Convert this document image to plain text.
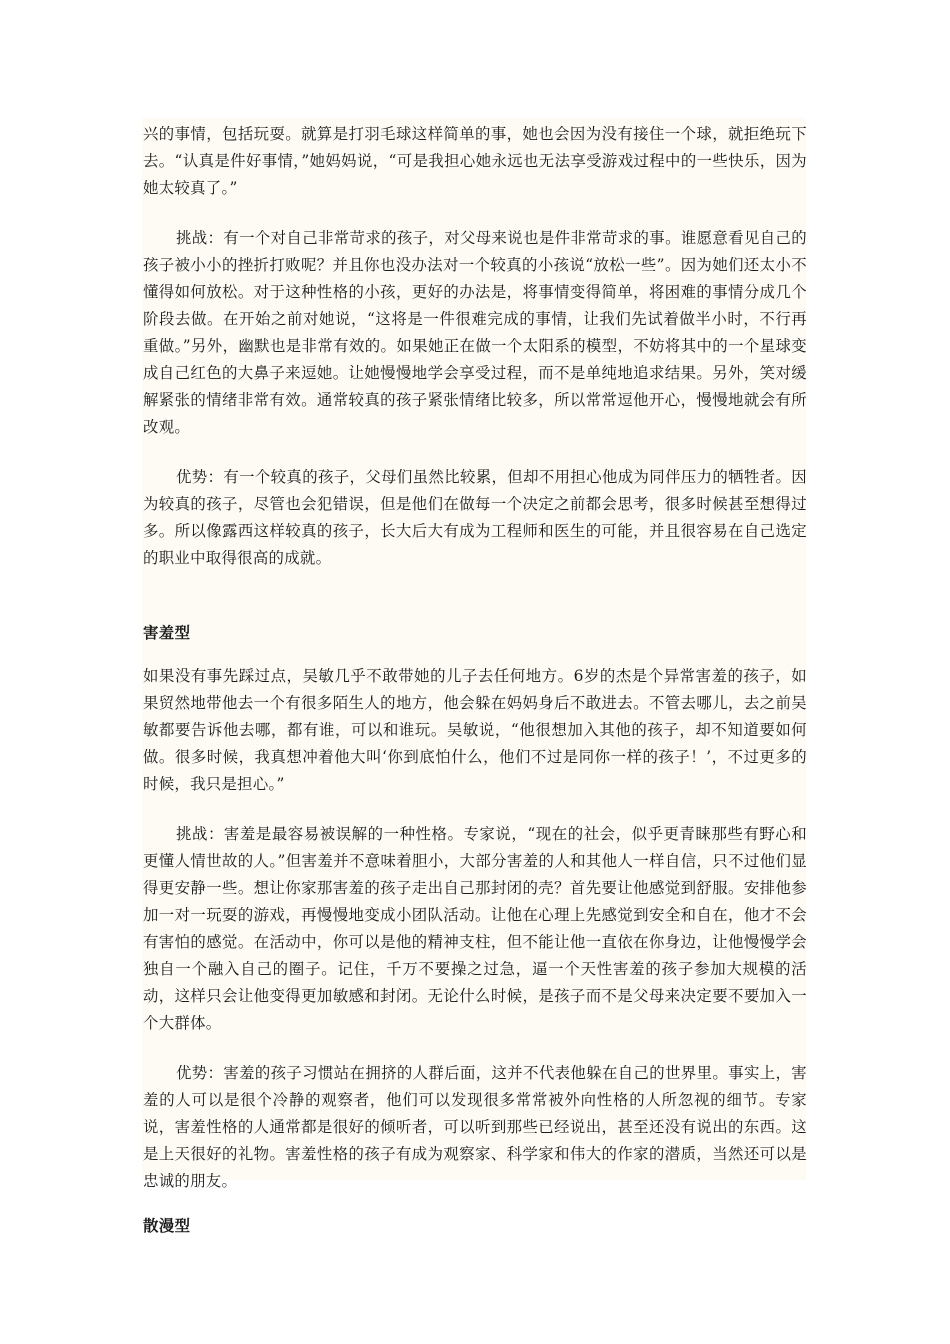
兴的事情，包括玩耍。就算是打羽毛球这样简单的事，她也会因为没有接住一个球，就拒绝玩下去。“认真是件好事情，”她妈妈说，“可是我担心她永远也无法享受游戏过程中的一些快乐，因为她太较真了。”

挑战：有一个对自己非常苛求的孩子，对父母来说也是件非常苛求的事。谁愿意看见自己的孩子被小小的挫折打败呢？并且你也没办法对一个较真的小孩说“放松一些”。因为她们还太小不懂得如何放松。对于这种性格的小孩，更好的办法是，将事情变得简单，将困难的事情分成几个阶段去做。在开始之前对她说，“这将是一件很难完成的事情，让我们先试着做半小时，不行再重做。”另外，幽默也是非常有效的。如果她正在做一个太阳系的模型，不妨将其中的一个星球变成自己红色的大鼻子来逗她。让她慢慢地学会享受过程，而不是单纯地追求结果。另外，笑对缓解紧张的情绪非常有效。通常较真的孩子紧张情绪比较多，所以常常逗他开心，慢慢地就会有所改观。

优势：有一个较真的孩子，父母们虽然比较累，但却不用担心他成为同伴压力的牺牲者。因为较真的孩子，尽管也会犯错误，但是他们在做每一个决定之前都会思考，很多时候甚至想得过多。所以像露西这样较真的孩子，长大后大有成为工程师和医生的可能，并且很容易在自己选定的职业中取得很高的成就。

害羞型

如果没有事先踩过点，吴敏几乎不敢带她的儿子去任何地方。6岁的杰是个异常害羞的孩子，如果贸然地带他去一个有很多陌生人的地方，他会躲在妈妈身后不敢进去。不管去哪儿，去之前吴敏都要告诉他去哪，都有谁，可以和谁玩。吴敏说，“他很想加入其他的孩子，却不知道要如何做。很多时候，我真想冲着他大叫‘你到底怕什么，他们不过是同你一样的孩子！’，不过更多的时候，我只是担心。”

挑战：害羞是最容易被误解的一种性格。专家说，“现在的社会，似乎更青睐那些有野心和更懂人情世故的人。”但害羞并不意味着胆小，大部分害羞的人和其他人一样自信，只不过他们显得更安静一些。想让你家那害羞的孩子走出自己那封闭的壳？首先要让他感觉到舒服。安排他参加一对一玩耍的游戏，再慢慢地变成小团队活动。让他在心理上先感觉到安全和自在，他才不会有害怕的感觉。在活动中，你可以是他的精神支柱，但不能让他一直依在你身边，让他慢慢学会独自一个融入自己的圈子。记住，千万不要操之过急，逼一个天性害羞的孩子参加大规模的活动，这样只会让他变得更加敏感和封闭。无论什么时候，是孩子而不是父母来决定要不要加入一个大群体。

优势：害羞的孩子习惯站在拥挤的人群后面，这并不代表他躲在自己的世界里。事实上，害羞的人可以是很个冷静的观察者，他们可以发现很多常常被外向性格的人所忽视的细节。专家说，害羞性格的人通常都是很好的倾听者，可以听到那些已经说出，甚至还没有说出的东西。这是上天很好的礼物。害羞性格的孩子有成为观察家、科学家和伟大的作家的潜质，当然还可以是忠诚的朋友。

散漫型
